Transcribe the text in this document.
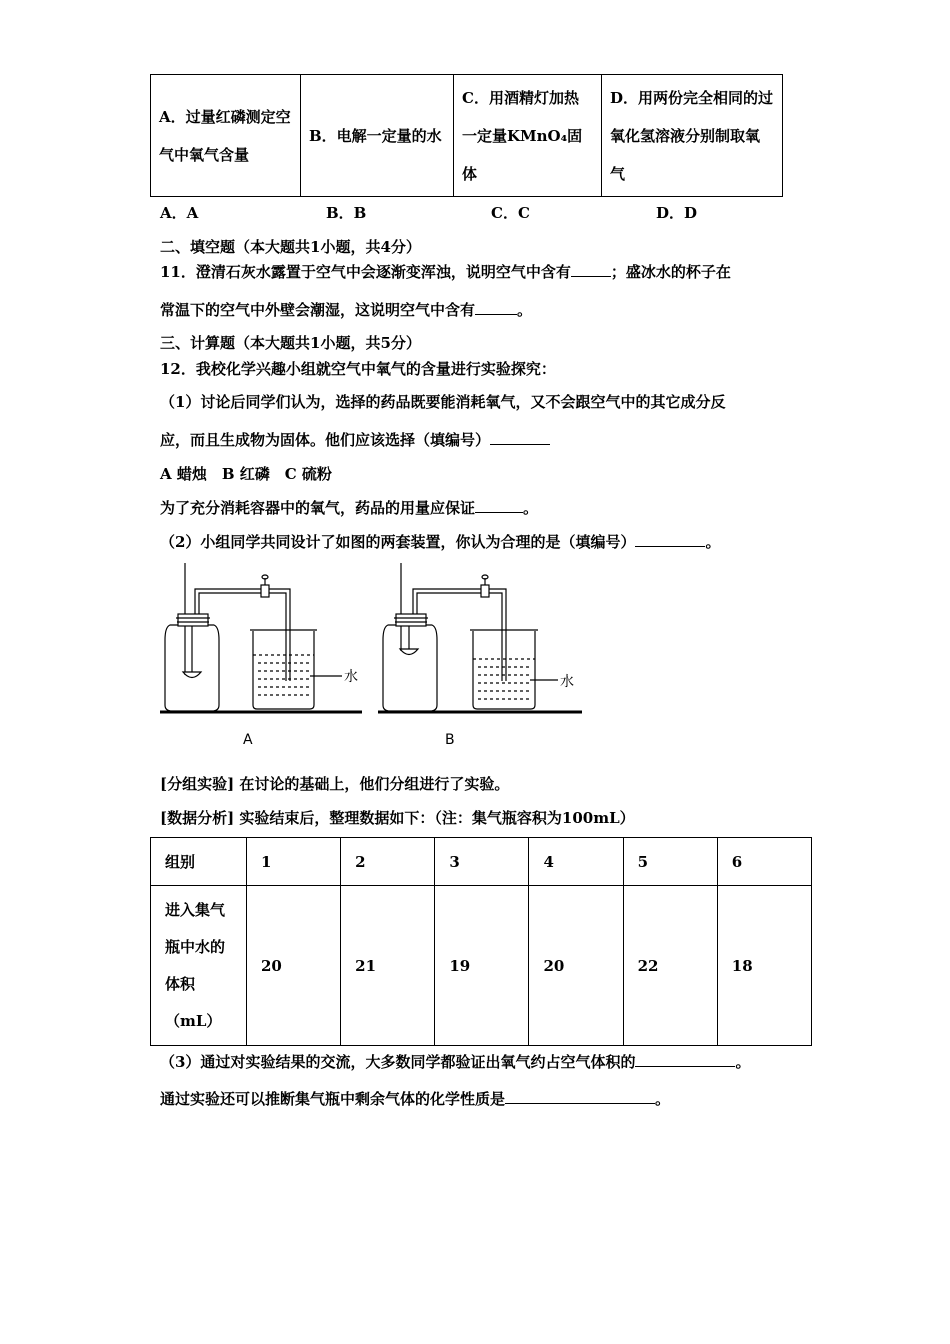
A．过量红磷测定空气中氧气含量	B．电解一定量的水	C．用酒精灯加热一定量KMnO₄固体	D．用两份完全相同的过氧化氢溶液分别制取氧气
A．A	B．B	C．C	D．D
二、填空题（本大题共1小题，共4分）
11．澄清石灰水露置于空气中会逐渐变浑浊，说明空气中含有	；盛冰水的杯子在
常温下的空气中外壁会潮湿，这说明空气中含有	。
三、计算题（本大题共1小题，共5分）
12．我校化学兴趣小组就空气中氧气的含量进行实验探究：
（1）讨论后同学们认为，选择的药品既要能消耗氧气，又不会跟空气中的其它成分反
应，而且生成物为固体。他们应该选择（填编号）
A 蜡烛　B 红磷　C 硫粉
为了充分消耗容器中的氧气，药品的用量应保证	。
（2）小组同学共同设计了如图的两套装置，你认为合理的是（填编号）	。
水
A
水
B
[分组实验] 在讨论的基础上，他们分组进行了实验。
[数据分析] 实验结束后，整理数据如下：（注：集气瓶容积为100mL）
组别	1	2	3	4	5	6

进入集气
瓶中水的
体积
（mL）	20	21	19	20	22	18
（3）通过对实验结果的交流，大多数同学都验证出氧气约占空气体积的	。
通过实验还可以推断集气瓶中剩余气体的化学性质是	。
